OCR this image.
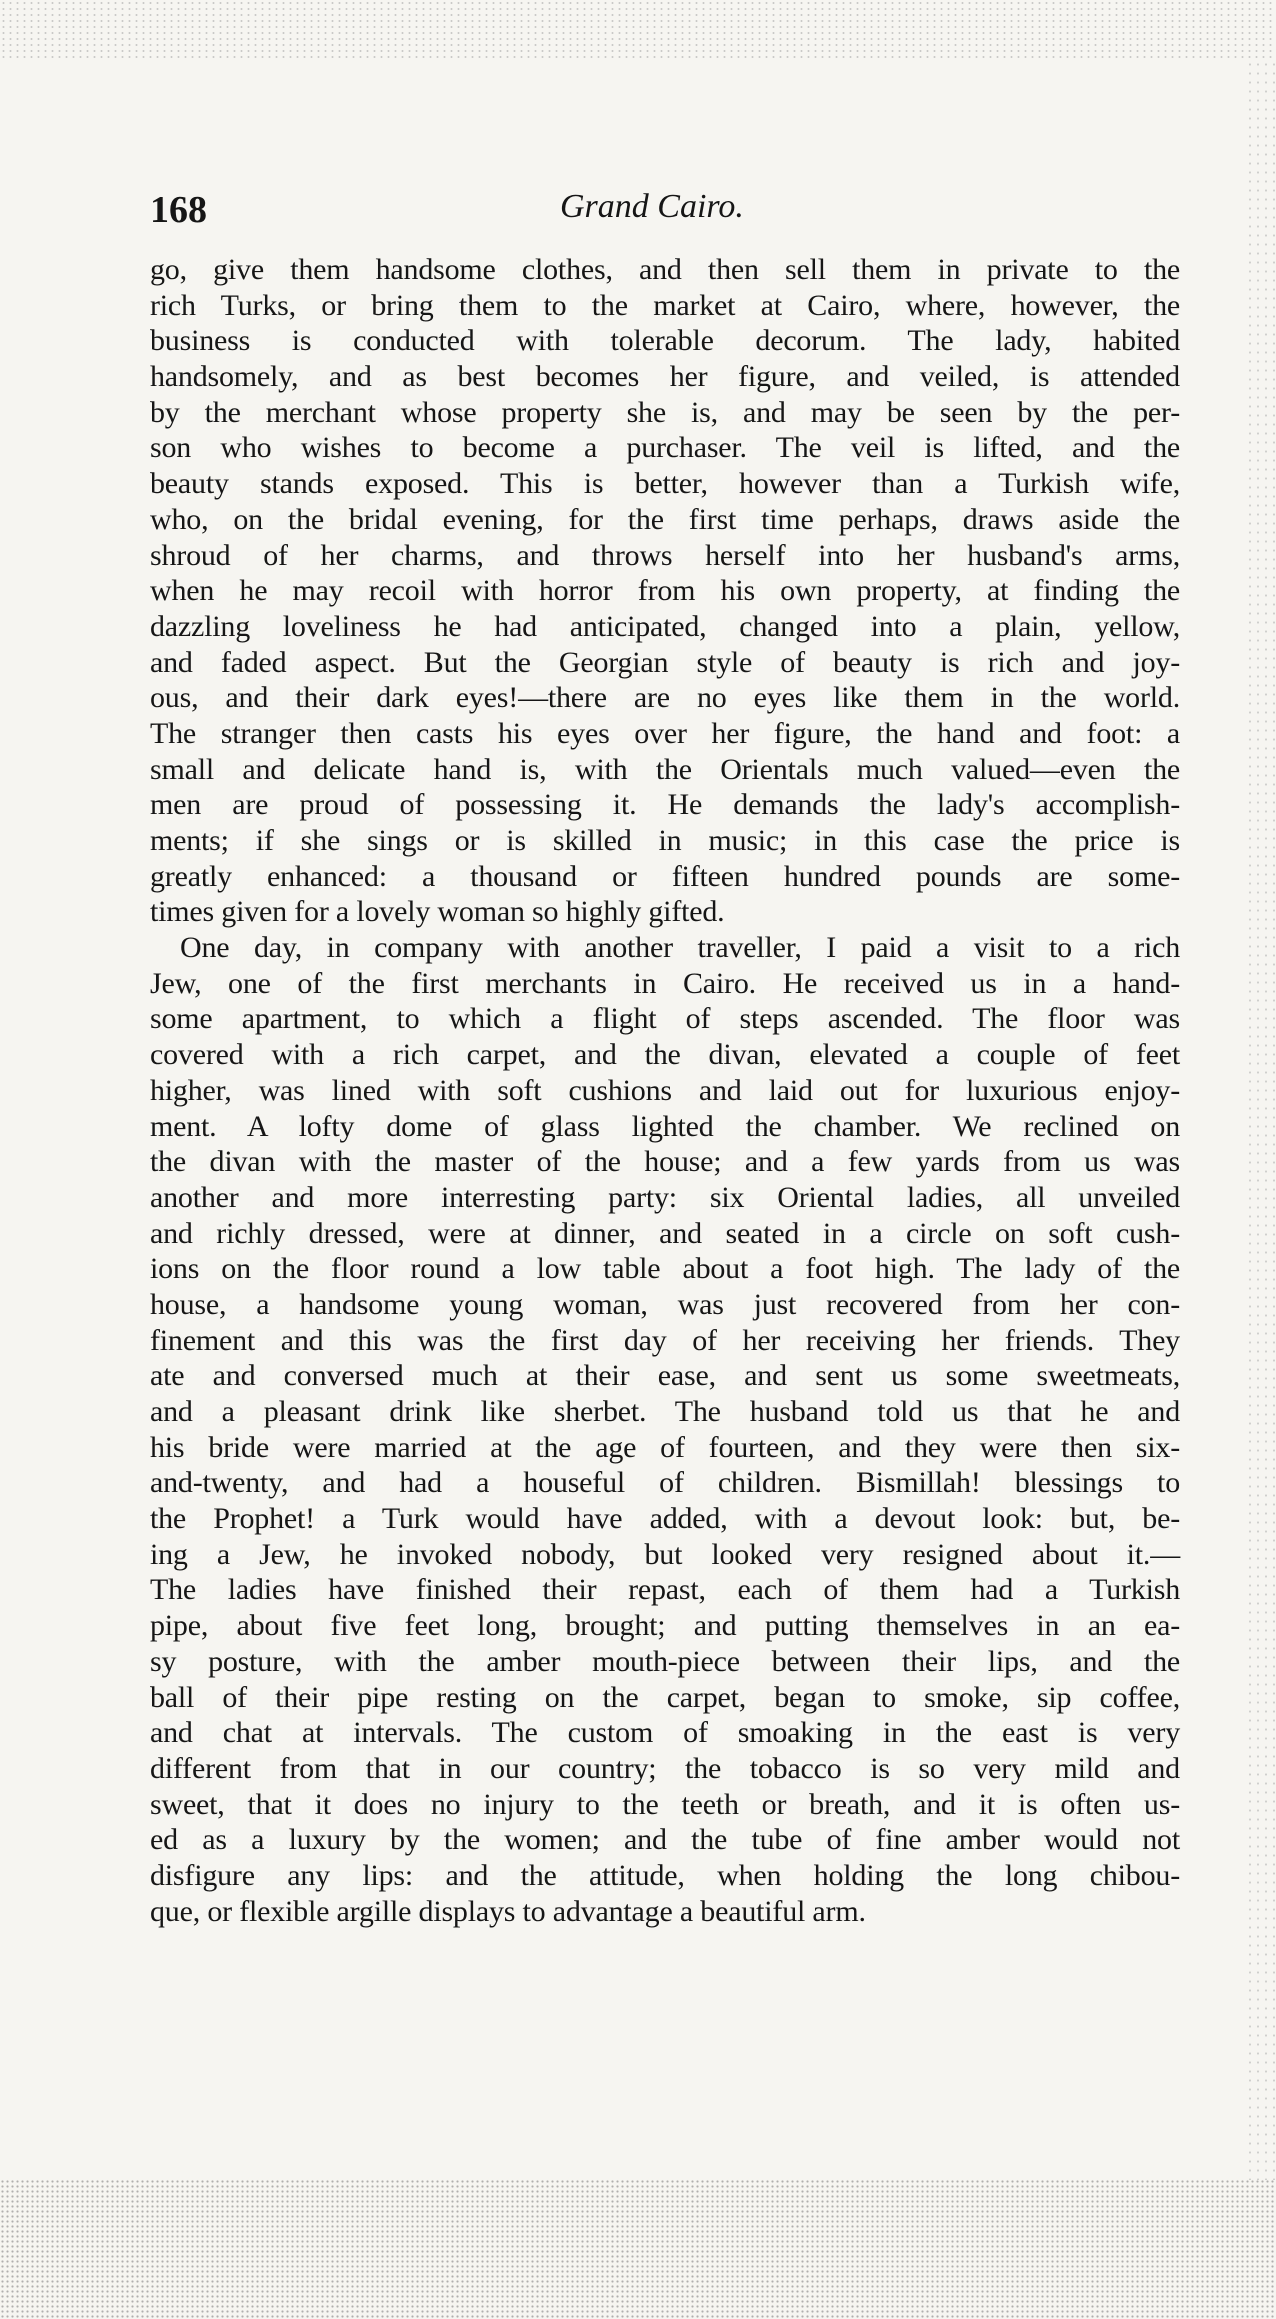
168	Grand Cairo.
go, give them handsome clothes, and then sell them in private to the
rich Turks, or bring them to the market at Cairo, where, however, the
business is conducted with tolerable decorum. The lady, habited
handsomely, and as best becomes her figure, and veiled, is attended
by the merchant whose property she is, and may be seen by the per-
son who wishes to become a purchaser. The veil is lifted, and the
beauty stands exposed. This is better, however than a Turkish wife,
who, on the bridal evening, for the first time perhaps, draws aside the
shroud of her charms, and throws herself into her husband's arms,
when he may recoil with horror from his own property, at finding the
dazzling loveliness he had anticipated, changed into a plain, yellow,
and faded aspect. But the Georgian style of beauty is rich and joy-
ous, and their dark eyes!—there are no eyes like them in the world.
The stranger then casts his eyes over her figure, the hand and foot: a
small and delicate hand is, with the Orientals much valued—even the
men are proud of possessing it. He demands the lady's accomplish-
ments; if she sings or is skilled in music; in this case the price is
greatly enhanced: a thousand or fifteen hundred pounds are some-
times given for a lovely woman so highly gifted.
One day, in company with another traveller, I paid a visit to a rich
Jew, one of the first merchants in Cairo. He received us in a hand-
some apartment, to which a flight of steps ascended. The floor was
covered with a rich carpet, and the divan, elevated a couple of feet
higher, was lined with soft cushions and laid out for luxurious enjoy-
ment. A lofty dome of glass lighted the chamber. We reclined on
the divan with the master of the house; and a few yards from us was
another and more interresting party: six Oriental ladies, all unveiled
and richly dressed, were at dinner, and seated in a circle on soft cush-
ions on the floor round a low table about a foot high. The lady of the
house, a handsome young woman, was just recovered from her con-
finement and this was the first day of her receiving her friends. They
ate and conversed much at their ease, and sent us some sweetmeats,
and a pleasant drink like sherbet. The husband told us that he and
his bride were married at the age of fourteen, and they were then six-
and-twenty, and had a houseful of children. Bismillah! blessings to
the Prophet! a Turk would have added, with a devout look: but, be-
ing a Jew, he invoked nobody, but looked very resigned about it.—
The ladies have finished their repast, each of them had a Turkish
pipe, about five feet long, brought; and putting themselves in an ea-
sy posture, with the amber mouth-piece between their lips, and the
ball of their pipe resting on the carpet, began to smoke, sip coffee,
and chat at intervals. The custom of smoaking in the east is very
different from that in our country; the tobacco is so very mild and
sweet, that it does no injury to the teeth or breath, and it is often us-
ed as a luxury by the women; and the tube of fine amber would not
disfigure any lips: and the attitude, when holding the long chibou-
que, or flexible argille displays to advantage a beautiful arm.
